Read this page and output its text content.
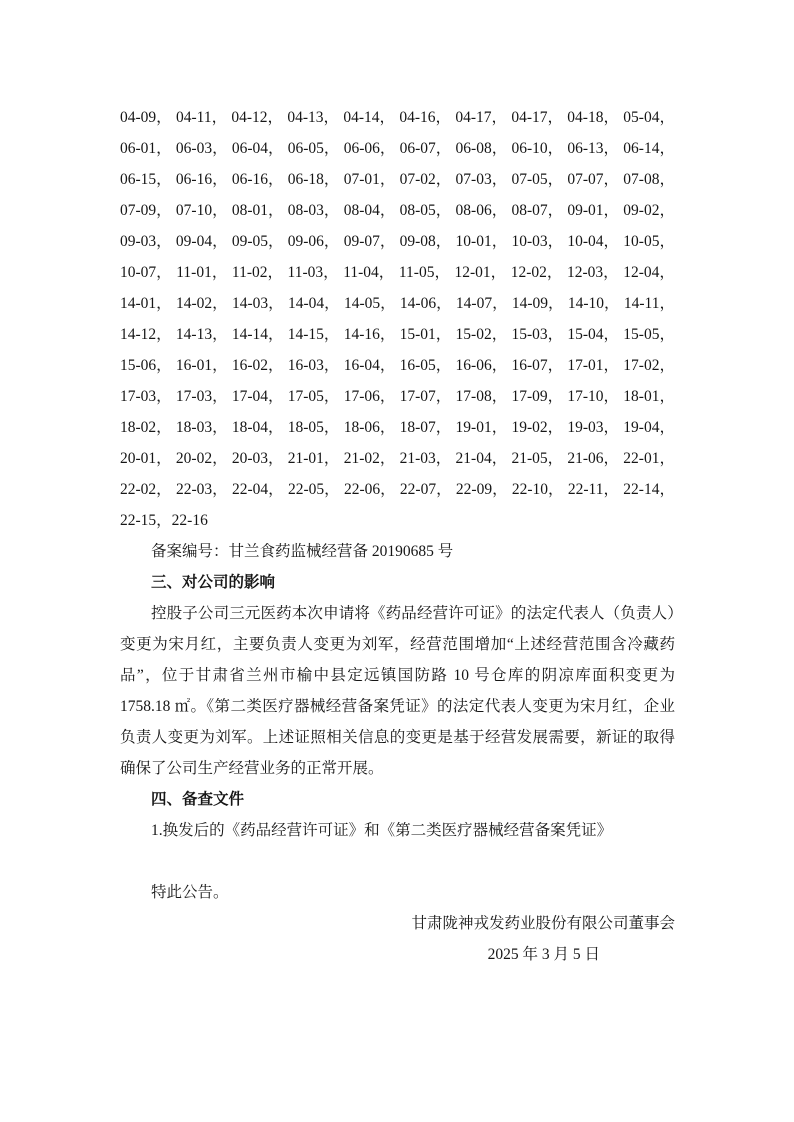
04-09， 04-11， 04-12， 04-13， 04-14， 04-16， 04-17， 04-17， 04-18， 05-04，
06-01， 06-03， 06-04， 06-05， 06-06， 06-07， 06-08， 06-10， 06-13， 06-14，
06-15， 06-16， 06-16， 06-18， 07-01， 07-02， 07-03， 07-05， 07-07， 07-08，
07-09， 07-10， 08-01， 08-03， 08-04， 08-05， 08-06， 08-07， 09-01， 09-02，
09-03， 09-04， 09-05， 09-06， 09-07， 09-08， 10-01， 10-03， 10-04， 10-05，
10-07， 11-01， 11-02， 11-03， 11-04， 11-05， 12-01， 12-02， 12-03， 12-04，
14-01， 14-02， 14-03， 14-04， 14-05， 14-06， 14-07， 14-09， 14-10， 14-11，
14-12， 14-13， 14-14， 14-15， 14-16， 15-01， 15-02， 15-03， 15-04， 15-05，
15-06， 16-01， 16-02， 16-03， 16-04， 16-05， 16-06， 16-07， 17-01， 17-02，
17-03， 17-03， 17-04， 17-05， 17-06， 17-07， 17-08， 17-09， 17-10， 18-01，
18-02， 18-03， 18-04， 18-05， 18-06， 18-07， 19-01， 19-02， 19-03， 19-04，
20-01， 20-02， 20-03， 21-01， 21-02， 21-03， 21-04， 21-05， 21-06， 22-01，
22-02， 22-03， 22-04， 22-05， 22-06， 22-07， 22-09， 22-10， 22-11， 22-14，
22-15，22-16
备案编号：甘兰食药监械经营备 20190685 号
三、对公司的影响

控股子公司三元医药本次申请将《药品经营许可证》的法定代表人（负责人）变更为宋月红，主要负责人变更为刘军，经营范围增加“上述经营范围含冷藏药品”，位于甘肃省兰州市榆中县定远镇国防路 10 号仓库的阴凉库面积变更为 1758.18 ㎡。《第二类医疗器械经营备案凭证》的法定代表人变更为宋月红，企业负责人变更为刘军。上述证照相关信息的变更是基于经营发展需要，新证的取得确保了公司生产经营业务的正常开展。

四、备查文件
1.换发后的《药品经营许可证》和《第二类医疗器械经营备案凭证》
特此公告。
甘肃陇神戎发药业股份有限公司董事会
2025 年 3 月 5 日
